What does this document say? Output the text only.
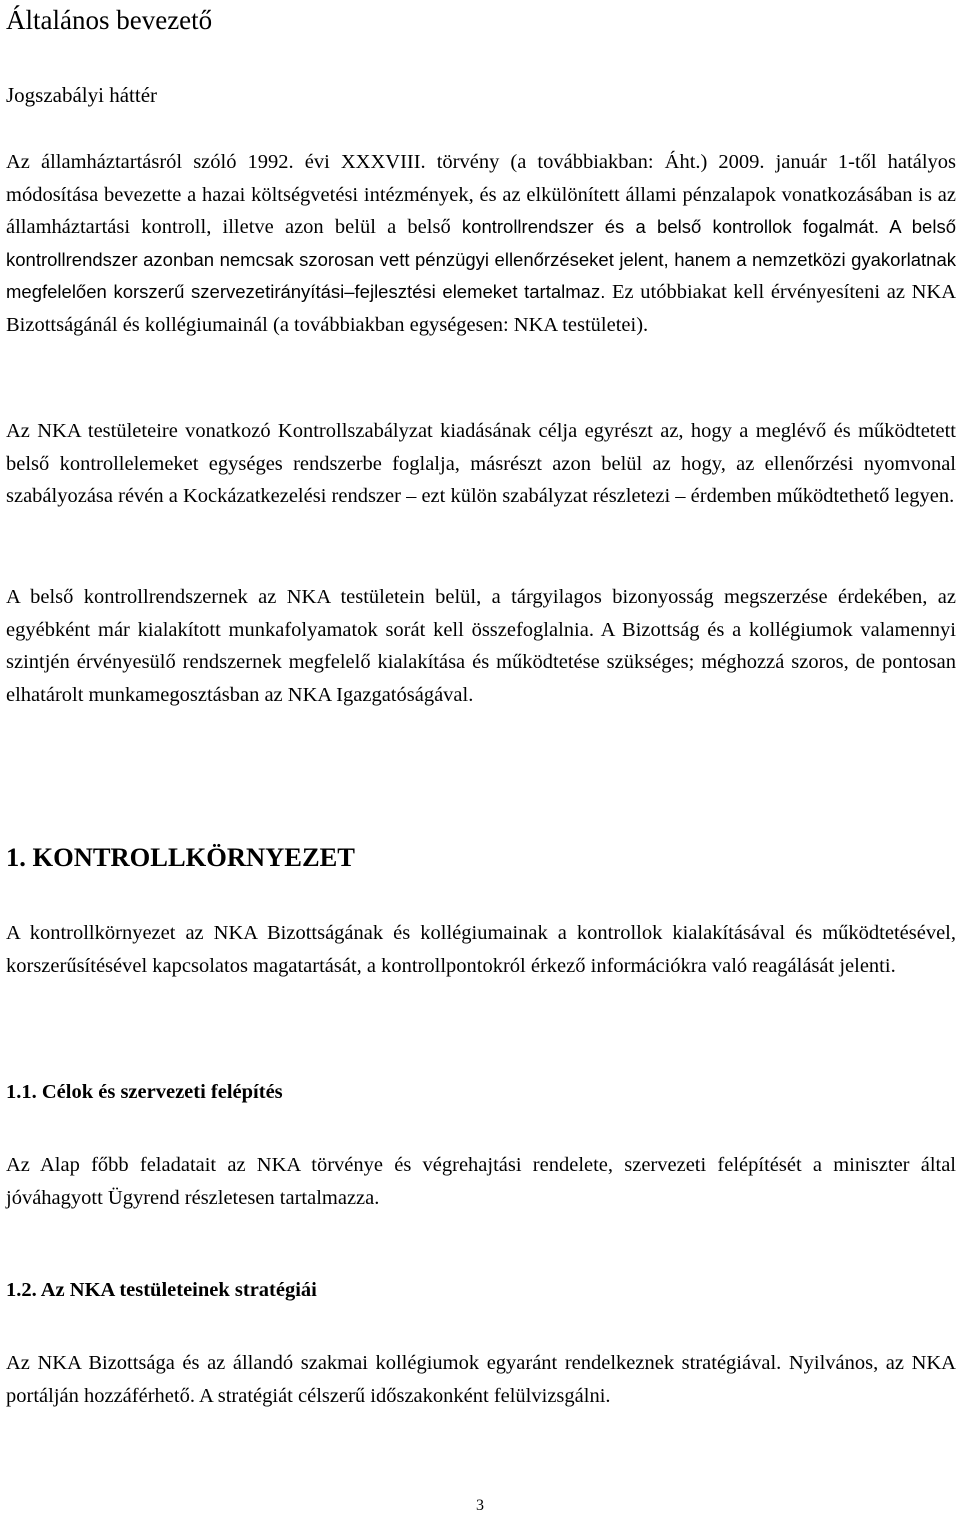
Általános bevezető
Jogszabályi háttér

Az államháztartásról szóló 1992. évi XXXVIII. törvény (a továbbiakban: Áht.) 2009. január 1-től hatályos módosítása bevezette a hazai költségvetési intézmények, és az elkülönített állami pénzalapok vonatkozásában is az államháztartási kontroll, illetve azon belül a belső kontrollrendszer és a belső kontrollok fogalmát. A belső kontrollrendszer azonban nemcsak szorosan vett pénzügyi ellenőrzéseket jelent, hanem a nemzetközi gyakorlatnak megfelelően korszerű szervezetirányítási–fejlesztési elemeket tartalmaz. Ez utóbbiakat kell érvényesíteni az NKA Bizottságánál és kollégiumainál (a továbbiakban egységesen: NKA testületei).

Az NKA testületeire vonatkozó Kontrollszabályzat kiadásának célja egyrészt az, hogy a meglévő és működtetett belső kontrollelemeket egységes rendszerbe foglalja, másrészt azon belül az hogy, az ellenőrzési nyomvonal szabályozása révén a Kockázatkezelési rendszer – ezt külön szabályzat részletezi – érdemben működtethető legyen.

A belső kontrollrendszernek az NKA testületein belül, a tárgyilagos bizonyosság megszerzése érdekében, az egyébként már kialakított munkafolyamatok sorát kell összefoglalnia. A Bizottság és a kollégiumok valamennyi szintjén érvényesülő rendszernek megfelelő kialakítása és működtetése szükséges; méghozzá szoros, de pontosan elhatárolt munkamegosztásban az NKA Igazgatóságával.

1. KONTROLLKÖRNYEZET

A kontrollkörnyezet az NKA Bizottságának és kollégiumainak a kontrollok kialakításával és működtetésével, korszerűsítésével kapcsolatos magatartását, a kontrollpontokról érkező információkra való reagálását jelenti.

1.1. Célok és szervezeti felépítés

Az Alap főbb feladatait az NKA törvénye és végrehajtási rendelete, szervezeti felépítését a miniszter által jóváhagyott Ügyrend részletesen tartalmazza.

1.2. Az NKA testületeinek stratégiái

Az NKA Bizottsága és az állandó szakmai kollégiumok egyaránt rendelkeznek stratégiával. Nyilvános, az NKA portálján hozzáférhető. A stratégiát célszerű időszakonként felülvizsgálni.

3
